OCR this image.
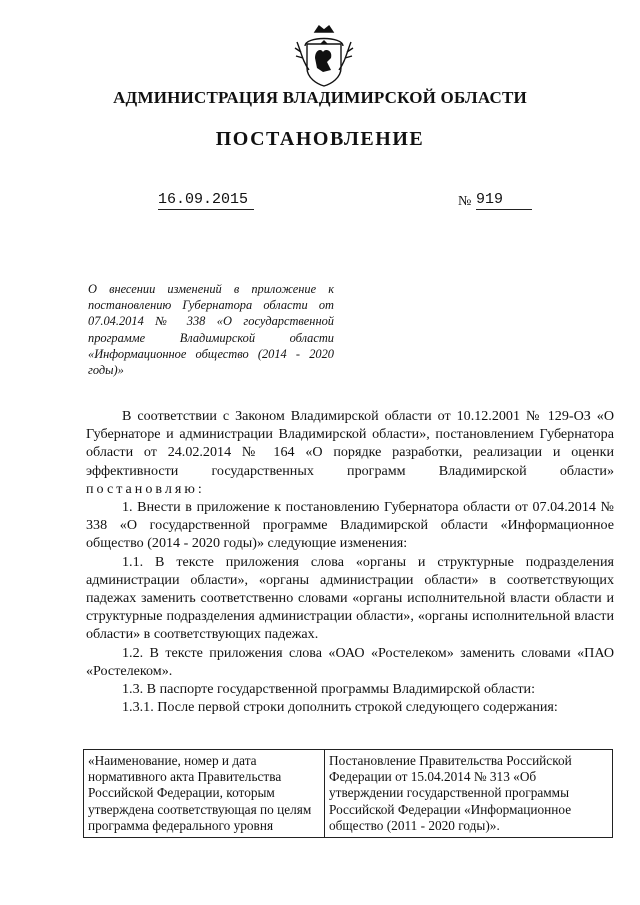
АДМИНИСТРАЦИЯ ВЛАДИМИРСКОЙ ОБЛАСТИ
ПОСТАНОВЛЕНИЕ
16.09.2015	№ 919
О внесении изменений в приложение к постановлению Губернатора области от 07.04.2014 № 338 «О государственной программе Владимирской области «Информационное общество (2014 - 2020 годы)»

В соответствии с Законом Владимирской области от 10.12.2001 № 129-ОЗ «О Губернаторе и администрации Владимирской области», постановлением Губернатора области от 24.02.2014 № 164 «О порядке разработки, реализации и оценки эффективности государственных программ Владимирской области» постановляю:

1. Внести в приложение к постановлению Губернатора области от 07.04.2014 № 338 «О государственной программе Владимирской области «Информационное общество (2014 - 2020 годы)» следующие изменения:

1.1. В тексте приложения слова «органы и структурные подразделения администрации области», «органы администрации области» в соответствующих падежах заменить соответственно словами «органы исполнительной власти области и структурные подразделения администрации области», «органы исполнительной власти области» в соответствующих падежах.

1.2. В тексте приложения слова «ОАО «Ростелеком» заменить словами «ПАО «Ростелеком».

1.3. В паспорте государственной программы Владимирской области:

1.3.1. После первой строки дополнить строкой следующего содержания:

«Наименование, номер и дата нормативного акта Правительства Российской Федерации, которым утверждена соответствующая по целям программа федерального уровня	Постановление Правительства Российской Федерации от 15.04.2014 № 313 «Об утверждении государственной программы Российской Федерации «Информационное общество (2011 - 2020 годы)».
